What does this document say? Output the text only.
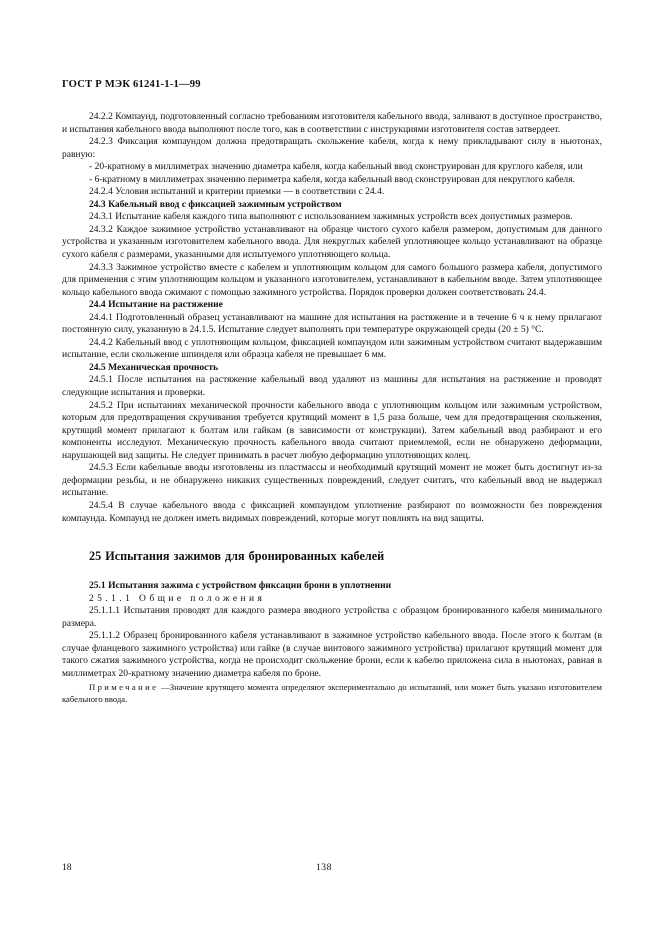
ГОСТ Р МЭК 61241-1-1—99

24.2.2 Компаунд, подготовленный согласно требованиям изготовителя кабельного ввода, заливают в доступное пространство, и испытания кабельного ввода выполняют после того, как в соответствии с инструкциями изготовителя состав затвердеет.

24.2.3 Фиксация компаундом должна предотвращать скольжение кабеля, когда к нему прикладывают силу в ньютонах, равную:

- 20-кратному в миллиметрах значению диаметра кабеля, когда кабельный ввод сконструирован для круглого кабеля, или

- 6-кратному в миллиметрах значению периметра кабеля, когда кабельный ввод сконструирован для некруглого кабеля.

24.2.4 Условия испытаний и критерии приемки — в соответствии с 24.4.

24.3 Кабельный ввод с фиксацией зажимным устройством

24.3.1 Испытание кабеля каждого типа выполняют с использованием зажимных устройств всех допустимых размеров.

24.3.2 Каждое зажимное устройство устанавливают на образце чистого сухого кабеля размером, допустимым для данного устройства и указанным изготовителем кабельного ввода. Для некруглых кабелей уплотняющее кольцо устанавливают на образце сухого кабеля с размерами, указанными для испытуемого уплотняющего кольца.

24.3.3 Зажимное устройство вместе с кабелем и уплотняющим кольцом для самого большого размера кабеля, допустимого для применения с этим уплотняющим кольцом и указанного изготовителем, устанавливают в кабельном вводе. Затем уплотняющее кольцо кабельного ввода сжимают с помощью зажимного устройства. Порядок проверки должен соответствовать 24.4.

24.4 Испытание на растяжение

24.4.1 Подготовленный образец устанавливают на машине для испытания на растяжение и в течение 6 ч к нему прилагают постоянную силу, указанную в 24.1.5. Испытание следует выполнять при температуре окружающей среды (20 ± 5) °С.

24.4.2 Кабельный ввод с уплотняющим кольцом, фиксацией компаундом или зажимным устройством считают выдержавшим испытание, если скольжение шпинделя или образца кабеля не превышает 6 мм.

24.5 Механическая прочность

24.5.1 После испытания на растяжение кабельный ввод удаляют из машины для испытания на растяжение и проводят следующие испытания и проверки.

24.5.2 При испытаниях механической прочности кабельного ввода с уплотняющим кольцом или зажимным устройством, которым для предотвращения скручивания требуется крутящий момент в 1,5 раза больше, чем для предотвращения скольжения, крутящий момент прилагают к болтам или гайкам (в зависимости от конструкции). Затем кабельный ввод разбирают и его компоненты исследуют. Механическую прочность кабельного ввода считают приемлемой, если не обнаружено деформации, нарушающей вид защиты. Не следует принимать в расчет любую деформацию уплотняющих колец.

24.5.3 Если кабельные вводы изготовлены из пластмассы и необходимый крутящий момент не может быть достигнут из-за деформации резьбы, и не обнаружено никаких существенных повреждений, следует считать, что кабельный ввод не выдержал испытание.

24.5.4 В случае кабельного ввода с фиксацией компаундом уплотнение разбирают по возможности без повреждения компаунда. Компаунд не должен иметь видимых повреждений, которые могут повлиять на вид защиты.

25 Испытания зажимов для бронированных кабелей

25.1 Испытания зажима с устройством фиксации брони в уплотнении

25.1.1 Общие положения

25.1.1.1 Испытания проводят для каждого размера вводного устройства с образцом бронированного кабеля минимального размера.

25.1.1.2 Образец бронированного кабеля устанавливают в зажимное устройство кабельного ввода. После этого к болтам (в случае фланцевого зажимного устройства) или гайке (в случае винтового зажимного устройства) прилагают крутящий момент для такого сжатия зажимного устройства, когда не происходит скольжение брони, если к кабелю приложена сила в ньютонах, равная в миллиметрах 20-кратному значению диаметра кабеля по броне.

Примечание —Значение крутящего момента определяют экспериментально до испытаний, или может быть указано изготовителем кабельного ввода.

18	138
